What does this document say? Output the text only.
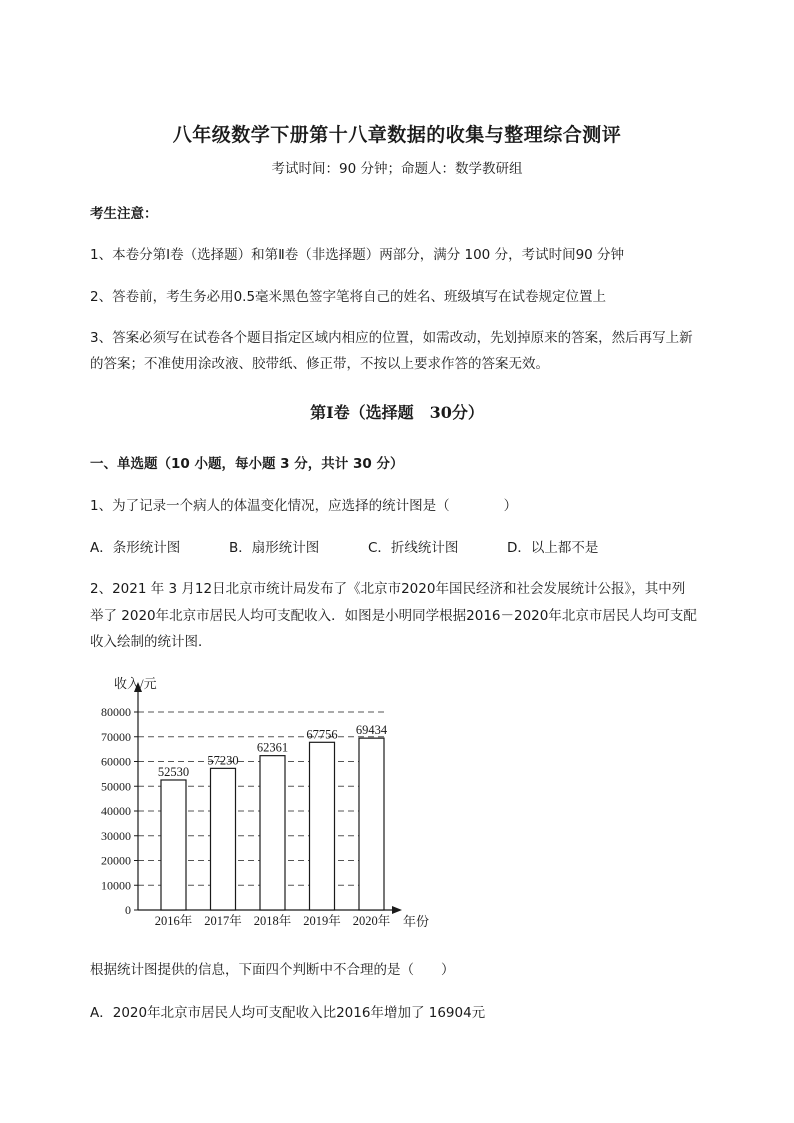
八年级数学下册第十八章数据的收集与整理综合测评
考试时间：90 分钟；命题人：数学教研组
考生注意：
1、本卷分第Ⅰ卷（选择题）和第Ⅱ卷（非选择题）两部分，满分 100 分，考试时间90 分钟
2、答卷前，考生务必用0.5毫米黑色签字笔将自己的姓名、班级填写在试卷规定位置上
3、答案必须写在试卷各个题目指定区域内相应的位置，如需改动，先划掉原来的答案，然后再写上新
的答案；不准使用涂改液、胶带纸、修正带，不按以上要求作答的答案无效。
第Ⅰ卷（选择题　30分）
一、单选题（10 小题，每小题 3 分，共计 30 分）
1、为了记录一个病人的体温变化情况，应选择的统计图是（　　　　）
A．条形统计图	B．扇形统计图	C．折线统计图	D．以上都不是
2、2021 年 3 月12日北京市统计局发布了《北京市2020年国民经济和社会发展统计公报》，其中列
举了 2020年北京市居民人均可支配收入．如图是小明同学根据2016－2020年北京市居民人均可支配
收入绘制的统计图．
0
10000
20000
30000
40000
50000
60000
70000
80000
收入/元
年份
52530
2016年
57230
2017年
62361
2018年
67756
2019年
69434
2020年
根据统计图提供的信息，下面四个判断中不合理的是（　　）
A．2020年北京市居民人均可支配收入比2016年增加了 16904元
